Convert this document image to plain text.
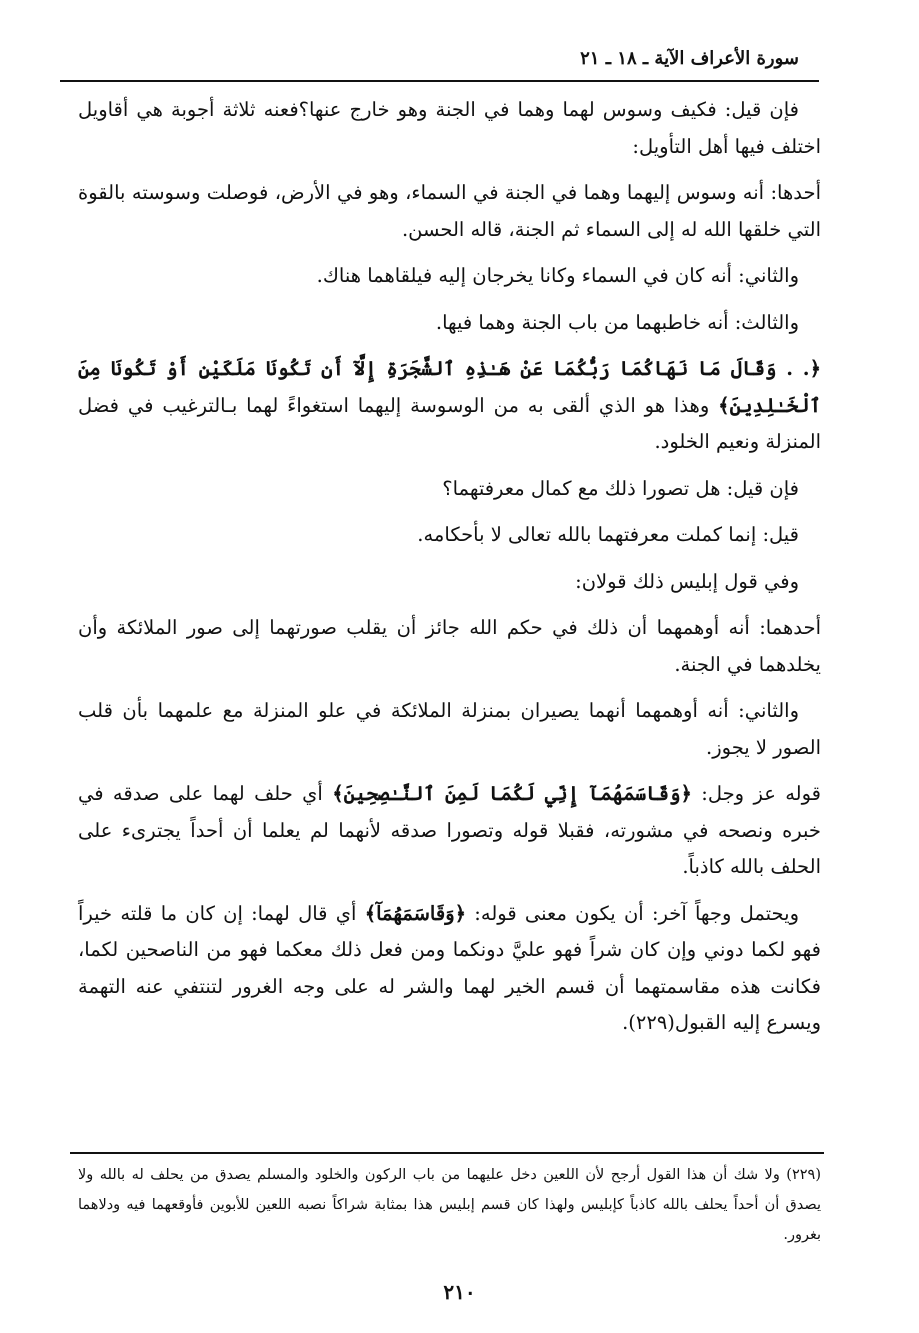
سورة الأعراف الآية ـ ١٨ ـ ٢١

فإن قيل: فكيف وسوس لهما وهما في الجنة وهو خارج عنها؟فعنه ثلاثة أجوبة هي أقاويل اختلف فيها أهل التأويل:

أحدها: أنه وسوس إليهما وهما في الجنة في السماء، وهو في الأرض، فوصلت وسوسته بالقوة التي خلقها الله له إلى السماء ثم الجنة، قاله الحسن.

والثاني: أنه كان في السماء وكانا يخرجان إليه فيلقاهما هناك.

والثالث: أنه خاطبهما من باب الجنة وهما فيها.

﴿. . وَقَالَ مَا نَهَاكُمَا رَبُّكُمَا عَنْ هَـٰذِهِ ٱلشَّجَرَةِ إِلَّآ أَن تَكُونَا مَلَكَيْنِ أَوْ تَكُونَا مِنَ ٱلْخَـٰلِدِينَ﴾ وهذا هو الذي ألقى به من الوسوسة إليهما استغواءً لهما بـالترغيب في فضل المنزلة ونعيم الخلود.

فإن قيل: هل تصورا ذلك مع كمال معرفتهما؟

قيل: إنما كملت معرفتهما بالله تعالى لا بأحكامه.

وفي قول إبليس ذلك قولان:

أحدهما: أنه أوهمهما أن ذلك في حكم الله جائز أن يقلب صورتهما إلى صور الملائكة وأن يخلدهما في الجنة.

والثاني: أنه أوهمهما أنهما يصيران بمنزلة الملائكة في علو المنزلة مع علمهما بأن قلب الصور لا يجوز.

قوله عز وجل: ﴿وَقَاسَمَهُمَآ إِنِّي لَكُمَا لَمِنَ ٱلنَّـٰصِحِينَ﴾ أي حلف لهما على صدقه في خبره ونصحه في مشورته، فقبلا قوله وتصورا صدقه لأنهما لم يعلما أن أحداً يجترىء على الحلف بالله كاذباً.

ويحتمل وجهاً آخر: أن يكون معنى قوله: ﴿وَقَاسَمَهُمَآ﴾ أي قال لهما: إن كان ما قلته خيراً فهو لكما دوني وإن كان شراً فهو عليَّ دونكما ومن فعل ذلك معكما فهو من الناصحين لكما، فكانت هذه مقاسمتهما أن قسم الخير لهما والشر له على وجه الغرور لتنتفي عنه التهمة ويسرع إليه القبول(٢٢٩).

(٢٢٩) ولا شك أن هذا القول أرجح لأن اللعين دخل عليهما من باب الركون والخلود والمسلم يصدق من يحلف له بالله ولا يصدق أن أحداً يحلف بالله كاذباً كإبليس ولهذا كان قسم إبليس هذا بمثابة شراكاً نصبه اللعين للأبوين فأوقعهما فيه ودلاهما بغرور.
٢١٠
